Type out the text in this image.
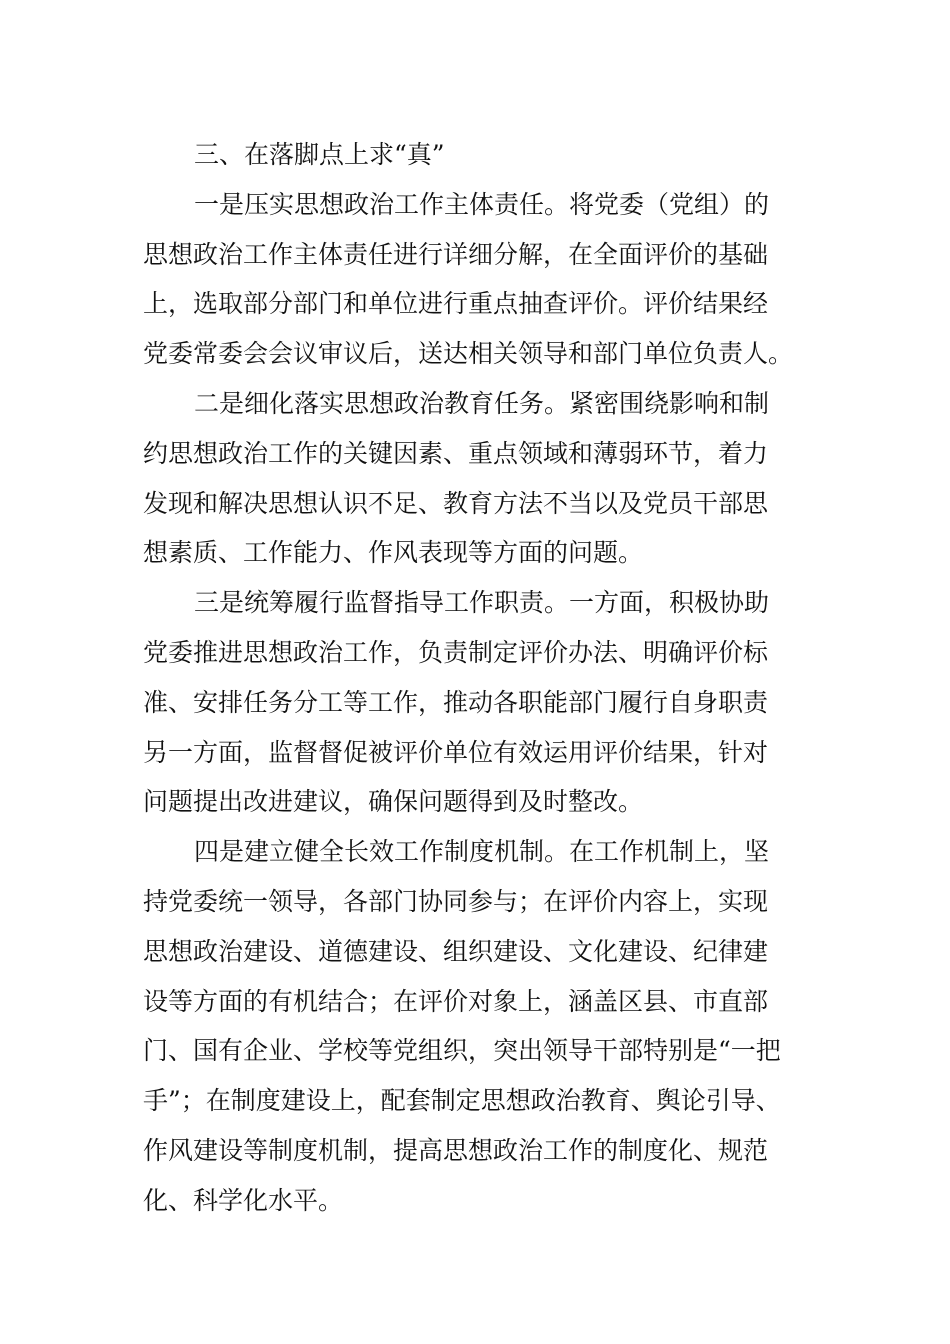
三、在落脚点上求“真”
一是压实思想政治工作主体责任。将党委（党组）的
思想政治工作主体责任进行详细分解，在全面评价的基础
上，选取部分部门和单位进行重点抽查评价。评价结果经
党委常委会会议审议后，送达相关领导和部门单位负责人。
二是细化落实思想政治教育任务。紧密围绕影响和制
约思想政治工作的关键因素、重点领域和薄弱环节，着力
发现和解决思想认识不足、教育方法不当以及党员干部思
想素质、工作能力、作风表现等方面的问题。
三是统筹履行监督指导工作职责。一方面，积极协助
党委推进思想政治工作，负责制定评价办法、明确评价标
准、安排任务分工等工作，推动各职能部门履行自身职责
另一方面，监督督促被评价单位有效运用评价结果，针对
问题提出改进建议，确保问题得到及时整改。
四是建立健全长效工作制度机制。在工作机制上，坚
持党委统一领导，各部门协同参与；在评价内容上，实现
思想政治建设、道德建设、组织建设、文化建设、纪律建
设等方面的有机结合；在评价对象上，涵盖区县、市直部
门、国有企业、学校等党组织，突出领导干部特别是“一把
手”；在制度建设上，配套制定思想政治教育、舆论引导、
作风建设等制度机制，提高思想政治工作的制度化、规范
化、科学化水平。
